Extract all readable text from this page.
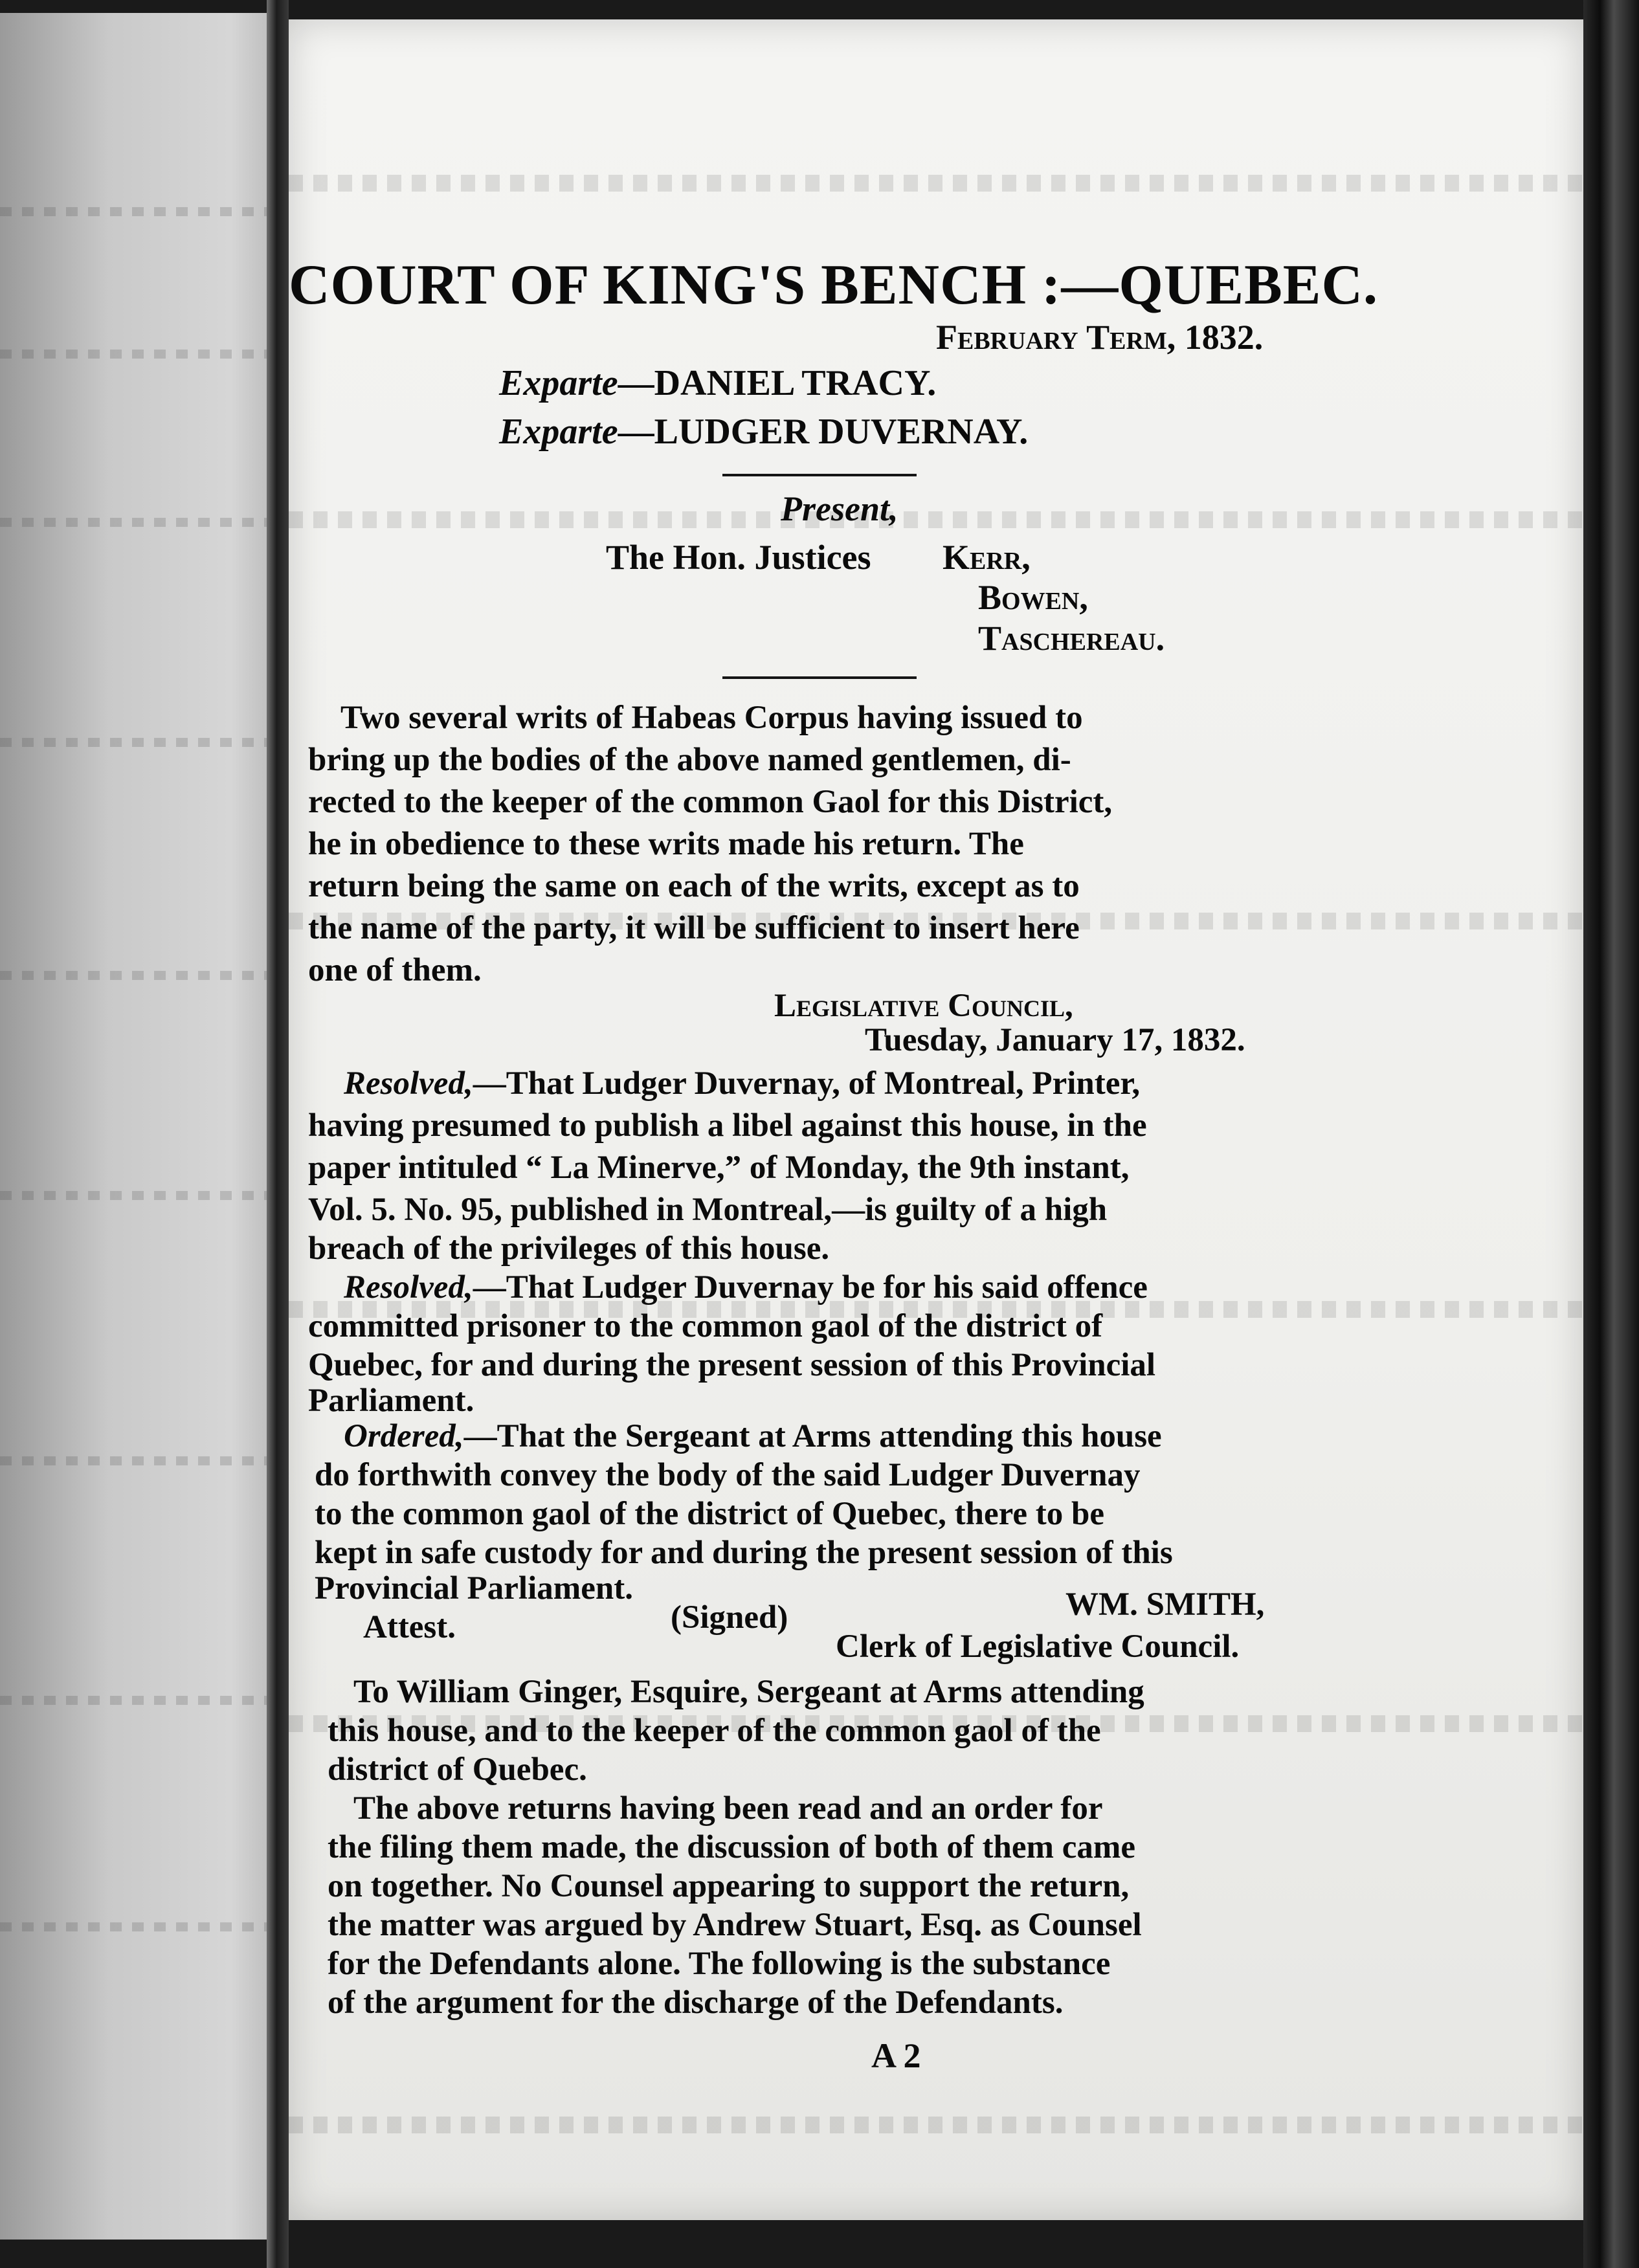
COURT OF KING'S BENCH :—QUEBEC.
February Term, 1832.
Exparte—DANIEL TRACY.
Exparte—LUDGER DUVERNAY.
Present,
The Hon. Justices Kerr,
Bowen,
Taschereau.
Two several writs of Habeas Corpus having issued to
bring up the bodies of the above named gentlemen, di-
rected to the keeper of the common Gaol for this District,
he in obedience to these writs made his return. The
return being the same on each of the writs, except as to
the name of the party, it will be sufficient to insert here
one of them.
Legislative Council,
Tuesday, January 17, 1832.
Resolved,—That Ludger Duvernay, of Montreal, Printer,
having presumed to publish a libel against this house, in the
paper intituled “ La Minerve,” of Monday, the 9th instant,
Vol. 5. No. 95, published in Montreal,—is guilty of a high
breach of the privileges of this house.
Resolved,—That Ludger Duvernay be for his said offence
committed prisoner to the common gaol of the district of
Quebec, for and during the present session of this Provincial
Parliament.
Ordered,—That the Sergeant at Arms attending this house
do forthwith convey the body of the said Ludger Duvernay
to the common gaol of the district of Quebec, there to be
kept in safe custody for and during the present session of this
Provincial Parliament.
Attest.	(Signed)	WM. SMITH,
Clerk of Legislative Council.
To William Ginger, Esquire, Sergeant at Arms attending
this house, and to the keeper of the common gaol of the
district of Quebec.
The above returns having been read and an order for
the filing them made, the discussion of both of them came
on together. No Counsel appearing to support the return,
the matter was argued by Andrew Stuart, Esq. as Counsel
for the Defendants alone. The following is the substance
of the argument for the discharge of the Defendants.
A 2
